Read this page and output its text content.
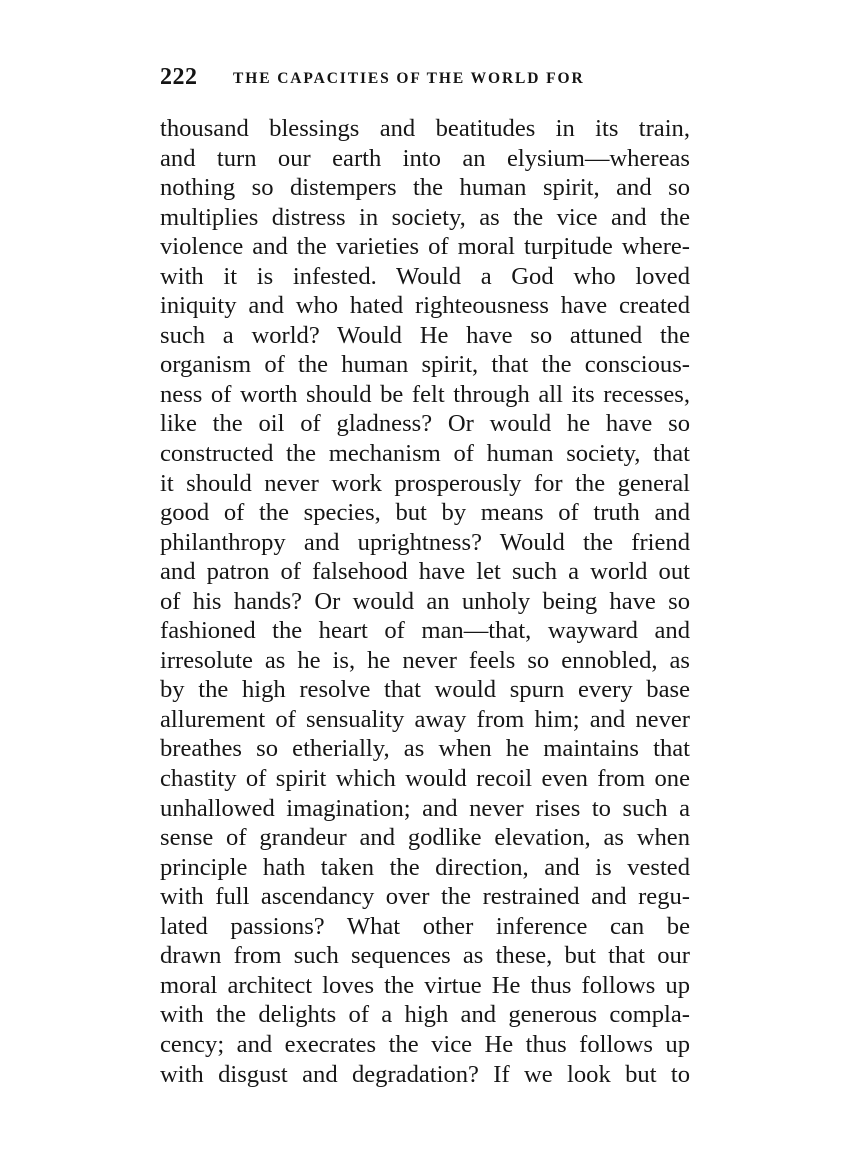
222 THE CAPACITIES OF THE WORLD FOR
thousand blessings and beatitudes in its train,
and turn our earth into an elysium—whereas
nothing so distempers the human spirit, and so
multiplies distress in society, as the vice and the
violence and the varieties of moral turpitude where-
with it is infested. Would a God who loved
iniquity and who hated righteousness have created
such a world? Would He have so attuned the
organism of the human spirit, that the conscious-
ness of worth should be felt through all its recesses,
like the oil of gladness? Or would he have so
constructed the mechanism of human society, that
it should never work prosperously for the general
good of the species, but by means of truth and
philanthropy and uprightness? Would the friend
and patron of falsehood have let such a world out
of his hands? Or would an unholy being have so
fashioned the heart of man—that, wayward and
irresolute as he is, he never feels so ennobled, as
by the high resolve that would spurn every base
allurement of sensuality away from him; and never
breathes so etherially, as when he maintains that
chastity of spirit which would recoil even from one
unhallowed imagination; and never rises to such a
sense of grandeur and godlike elevation, as when
principle hath taken the direction, and is vested
with full ascendancy over the restrained and regu-
lated passions? What other inference can be
drawn from such sequences as these, but that our
moral architect loves the virtue He thus follows up
with the delights of a high and generous compla-
cency; and execrates the vice He thus follows up
with disgust and degradation? If we look but to
